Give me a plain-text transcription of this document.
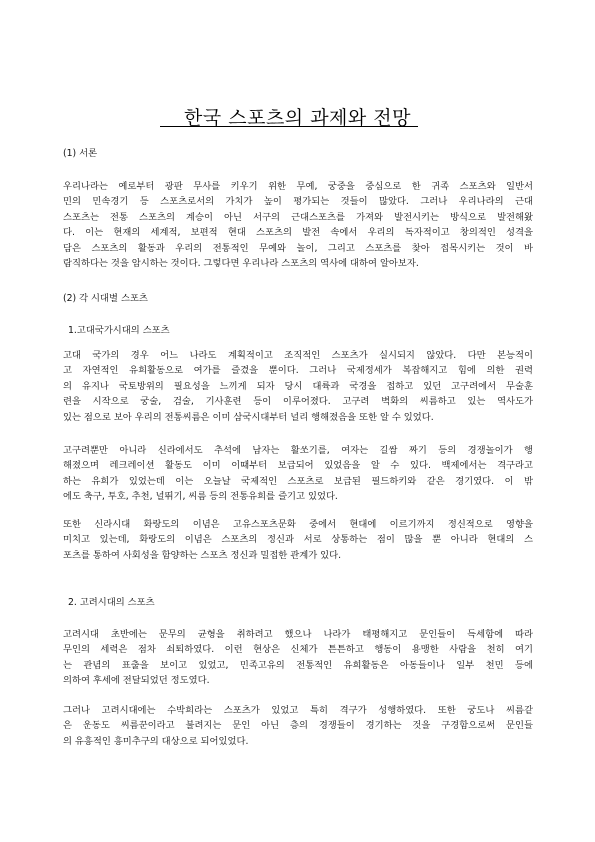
한국 스포츠의 과제와 전망
(1) 서론
우리나라는 예로부터 광판 무사를 키우기 위한 무예, 궁중을 중심으로 한 귀족 스포츠와 일반서
민의 민속경기 등 스포츠로서의 가치가 높이 평가되는 것들이 많았다. 그러나 우리나라의 근대
스포츠는 전통 스포츠의 계승이 아닌 서구의 근대스포츠를 가져와 발전시키는 방식으로 발전해왔
다. 이는 현재의 세계적, 보편적 현대 스포츠의 발전 속에서 우리의 독자적이고 창의적인 성격을
담은 스포츠의 활동과 우리의 전통적인 무예와 놀이, 그리고 스포츠를 찾아 접목시키는 것이 바
람직하다는 것을 암시하는 것이다. 그렇다면 우리나라 스포츠의 역사에 대하여 알아보자.
(2) 각 시대별 스포츠
1.고대국가시대의 스포츠
고대 국가의 경우 어느 나라도 계획적이고 조직적인 스포츠가 실시되지 않았다. 다만 본능적이
고 자연적인 유희활동으로 여가를 즐겼을 뿐이다. 그러나 국제정세가 복잡해지고 힘에 의한 권력
의 유지나 국토방위의 필요성을 느끼게 되자 당시 대륙과 국경을 접하고 있던 고구려에서 무술훈
련을 시작으로 궁술, 검술, 기사훈련 등이 이루어졌다. 고구려 벽화의 씨름하고 있는 역사도가
있는 점으로 보아 우리의 전통씨름은 이미 삼국시대부터 널리 행해졌음을 또한 알 수 있었다.
고구려뿐만 아니라 신라에서도 추석에 남자는 활쏘기를, 여자는 길쌈 짜기 등의 경쟁놀이가 행
해졌으며 레크레이션 활동도 이미 이때부터 보급되어 있었음을 알 수 있다. 백제에서는 격구라고
하는 유희가 있었는데 이는 오늘날 국제적인 스포츠로 보급된 필드하키와 같은 경기였다. 이 밖
에도 축구, 투호, 추천, 널뛰기, 씨름 등의 전통유희를 즐기고 있었다.
또한 신라시대 화랑도의 이념은 고유스포츠문화 중에서 현대에 이르기까지 정신적으로 영향을
미치고 있는데, 화랑도의 이념은 스포츠의 정신과 서로 상통하는 점이 많을 뿐 아니라 현대의 스
포츠를 통하여 사회성을 함양하는 스포츠 정신과 밀접한 관계가 있다.
2. 고려시대의 스포츠
고려시대 초반에는 문무의 균형을 취하려고 했으나 나라가 태평해지고 문인들이 득세함에 따라
무인의 세력은 점차 쇠퇴하였다. 이런 현상은 신체가 튼튼하고 행동이 용맹한 사람을 천히 여기
는 관념의 표출을 보이고 있었고, 민족고유의 전통적인 유희활동은 아동들이나 일부 천민 등에
의하여 후세에 전달되었던 정도였다.
그러나 고려시대에는 수박희라는 스포츠가 있었고 특히 격구가 성행하였다. 또한 궁도나 씨름같
은 운동도 씨름꾼이라고 불려지는 문인 아닌 층의 경쟁들이 경기하는 것을 구경함으로써 문인들
의 유흥적인 흥미추구의 대상으로 되어있었다.
